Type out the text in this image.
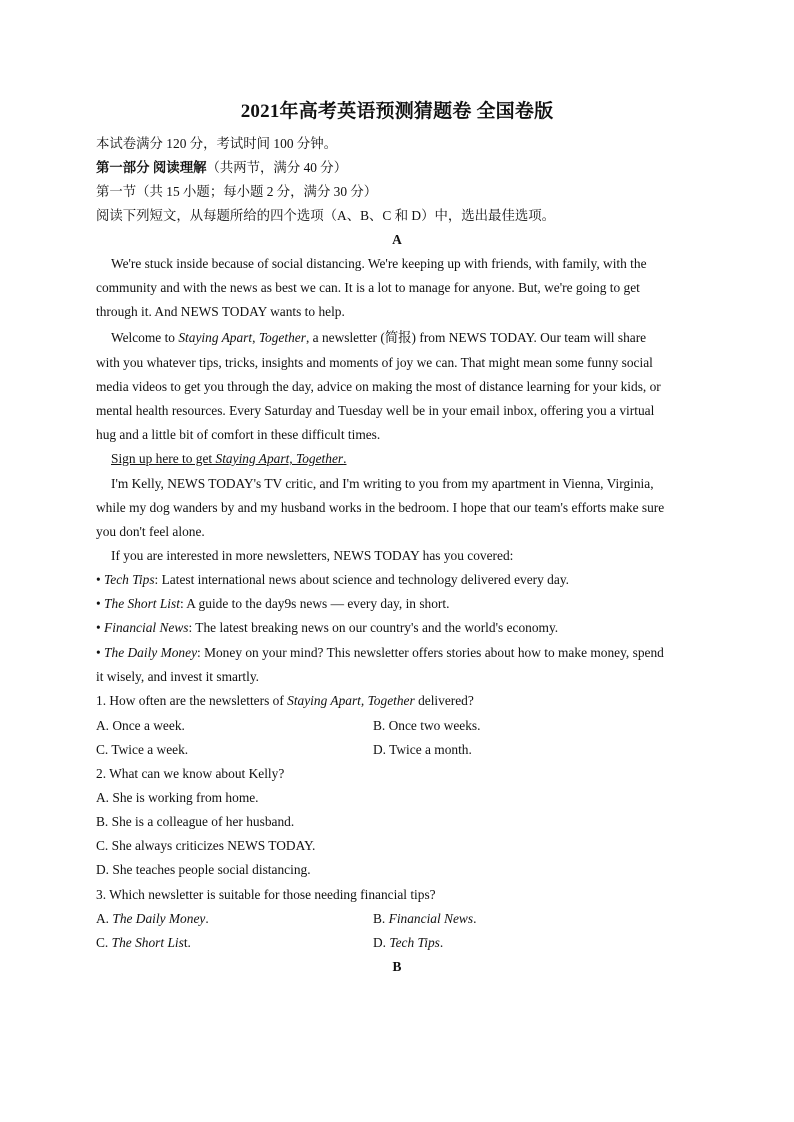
2021年高考英语预测猜题卷 全国卷版
本试卷满分 120 分，考试时间 100 分钟。
第一部分 阅读理解（共两节，满分 40 分）
第一节（共 15 小题；每小题 2 分，满分 30 分）
阅读下列短文，从每题所给的四个选项（A、B、C 和 D）中，选出最佳选项。
A
We're stuck inside because of social distancing. We're keeping up with friends, with family, with the
community and with the news as best we can. It is a lot to manage for anyone. But, we're going to get
through it. And NEWS TODAY wants to help.
Welcome to Staying Apart, Together, a newsletter (简报) from NEWS TODAY. Our team will share
with you whatever tips, tricks, insights and moments of joy we can. That might mean some funny social
media videos to get you through the day, advice on making the most of distance learning for your kids, or
mental health resources. Every Saturday and Tuesday well be in your email inbox, offering you a virtual
hug and a little bit of comfort in these difficult times.
Sign up here to get Staying Apart, Together.
I'm Kelly, NEWS TODAY's TV critic, and I'm writing to you from my apartment in Vienna, Virginia,
while my dog wanders by and my husband works in the bedroom. I hope that our team's efforts make sure
you don't feel alone.
If you are interested in more newsletters, NEWS TODAY has you covered:
• Tech Tips: Latest international news about science and technology delivered every day.
• The Short List: A guide to the day9s news — every day, in short.
• Financial News: The latest breaking news on our country's and the world's economy.
• The Daily Money: Money on your mind? This newsletter offers stories about how to make money, spend
it wisely, and invest it smartly.
1. How often are the newsletters of Staying Apart, Together delivered?
A. Once a week.	B. Once two weeks.
C. Twice a week.	D. Twice a month.
2. What can we know about Kelly?
A. She is working from home.
B. She is a colleague of her husband.
C. She always criticizes NEWS TODAY.
D. She teaches people social distancing.
3. Which newsletter is suitable for those needing financial tips?
A. The Daily Money.	B. Financial News.
C. The Short List.	D. Tech Tips.
B
